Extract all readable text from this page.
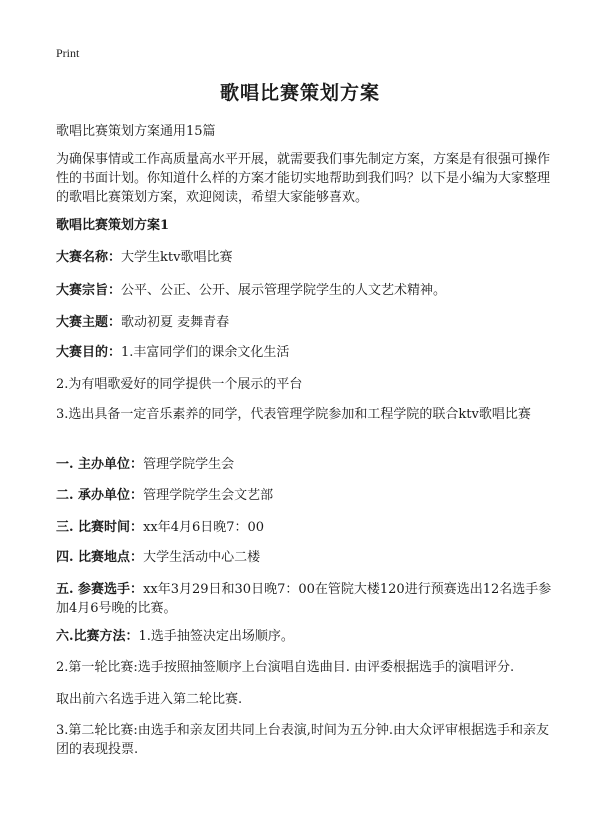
Print
歌唱比赛策划方案
歌唱比赛策划方案通用15篇
为确保事情或工作高质量高水平开展，就需要我们事先制定方案，方案是有很强可操作性的书面计划。你知道什么样的方案才能切实地帮助到我们吗？以下是小编为大家整理的歌唱比赛策划方案，欢迎阅读，希望大家能够喜欢。
歌唱比赛策划方案1
大赛名称：大学生ktv歌唱比赛
大赛宗旨：公平、公正、公开、展示管理学院学生的人文艺术精神。
大赛主题：歌动初夏 麦舞青春
大赛目的：1.丰富同学们的课余文化生活
2.为有唱歌爱好的同学提供一个展示的平台
3.选出具备一定音乐素养的同学，代表管理学院参加和工程学院的联合ktv歌唱比赛
一. 主办单位：管理学院学生会
二. 承办单位：管理学院学生会文艺部
三. 比赛时间：xx年4月6日晚7：00
四. 比赛地点：大学生活动中心二楼
五. 参赛选手：xx年3月29日和30日晚7：00在管院大楼120进行预赛选出12名选手参加4月6号晚的比赛。
六.比赛方法：1.选手抽签决定出场顺序。
2.第一轮比赛:选手按照抽签顺序上台演唱自选曲目. 由评委根据选手的演唱评分.
取出前六名选手进入第二轮比赛.
3.第二轮比赛:由选手和亲友团共同上台表演,时间为五分钟.由大众评审根据选手和亲友团的表现投票.
